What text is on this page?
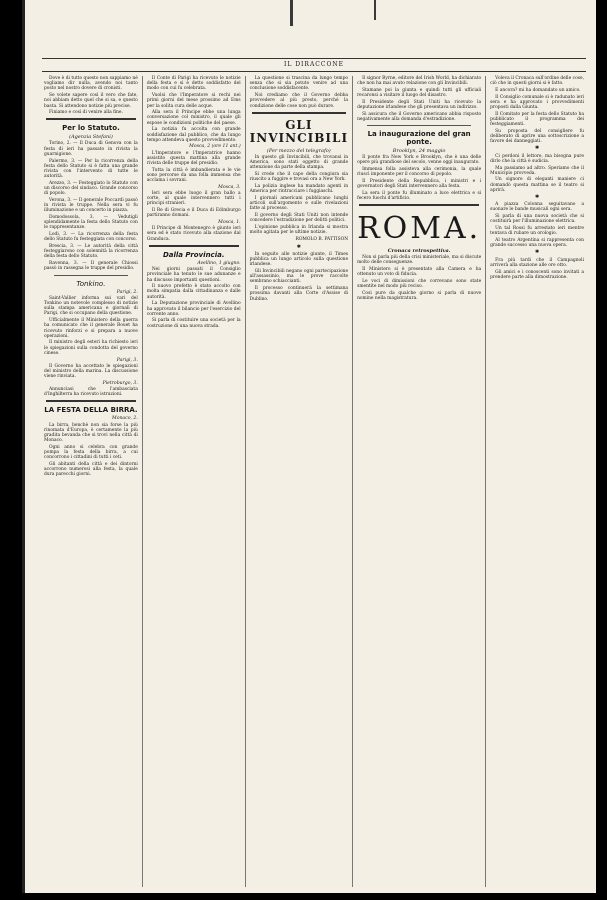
IL DIRACCONE

Dove è di tutto questo non sappiamo né vogliamo dir nulla, avendo noi tanto posto nel nostro dovere di cronisti.

Se volete sapere così il vero che fate, noi abbiam detto quel che si sa, e questo basta. Si attendono notizie più precise.

Finiamo e così di venire alla fine.

Per lo Statuto.
(Agenzia Stefani)

Torino, 2. — Il Duca di Genova con la festa di ieri ha passato in rivista la guarnigione.

Palermo, 3. — Per la ricorrenza della festa dello Statuto si è fatta una grande rivista con l'intervento di tutte le autorità.

Arezzo, 3. — Festeggiato lo Statuto con un discorso del sindaco. Grande concorso di popolo.

Verona, 3. — Il generale Poccardi passò in rivista le truppe. Nella sera vi fu illuminazione e un concerto in piazza.

Domodossola, 3. — Vedutigli splendidamente la festa dello Statuto con le rappresentanze.

Lodi, 3. — La ricorrenza della festa dello Statuto fu festeggiata con concorso.

Brescia, 3. — Le autorità della città festeggiarono con solennità la ricorrenza della festa dello Statuto.

Ravenna, 3. — Il generale Chiossi passò in rassegna le truppe del presidio.

Tonkino.
Parigi, 2.

Saint-Vallier informa sui vari del Tonkino un notevole complesso di notizie sulla stampa americana e giornali di Parigi, che si occupano della questione.

Ufficialmente il Ministero della guerra ha comunicato che il generale Bouet ha ricevuto rinforzi e si prepara a nuove operazioni.

Il ministro degli esteri ha richiesto ieri le spiegazioni sulla condotta del governo cinese.

Parigi, 3.

Il Governo ha accettato le spiegazioni del ministro della marina. La discussione viene rinviata.

Pietroburgo, 3.

Annunciasi che l'ambasciata d'Inghilterra ha ricevuto istruzioni.

LA FESTA DELLA BIRRA.
Monaco, 2.

La birra, benchè non sia forse la più rinomata d'Europa, è certamente la più gradita bevanda che si trovi nella città di Monaco.

Ogni anno si celebra con grande pompa la festa della birra, a cui concorrono i cittadini di tutti i ceti.

Gli abitanti della città e dei dintorni accorrono numerosi alla festa, la quale dura parecchi giorni.

Il Conte di Parigi ha ricevuto le notizie della festa e si è detto soddisfatto del modo con cui fu celebrata.

Vuolsi che l'Imperatore si rechi nei primi giorni del mese prossimo ad Ems per la solita cura delle acque.

Alla sera il Principe ebbe una lunga conversazione col ministro, il quale gli espose le condizioni politiche del paese.

La notizia fu accolta con grande soddisfazione dal pubblico, che da lungo tempo attendeva questo provvedimento.

Mosca, 2 (ore 11 ant.)

L'Imperatore e l'Imperatrice hanno assistito questa mattina alla grande rivista delle truppe del presidio.

Tutta la città è imbandierata e le vie sono percorse da una folla immensa che acclama i sovrani.

Mosca, 3.

Ieri sera ebbe luogo il gran ballo a corte, al quale intervennero tutti i principi stranieri.

Il Re di Grecia e il Duca di Edimburgo partiranno domani.

Mosca, 1.

Il Principe di Montenegro è giunto ieri sera ed è stato ricevuto alla stazione dal Granduca.

Dalla Provincia.
Avellino, 1 giugno.

Nei giorni passati il Consiglio provinciale ha tenuto le sue adunanze e ha discusso importanti questioni.

Il nuovo prefetto è stato accolto con molta simpatia dalla cittadinanza e dalle autorità.

La Deputazione provinciale di Avellino ha approvato il bilancio per l'esercizio del corrente anno.

Si parla di costituire una società per la costruzione di una nuova strada.

La questione si trascina da lungo tempo senza che si sia potuto venire ad una conclusione soddisfacente.

Noi crediamo che il Governo debba provvedere al più presto, perché la condizione delle cose non può durare.

GLI INVINCIBILI
(Per mezzo del telegrafo)

In questo gli Invincibili, che trovansi in America, sono stati oggetto di grande attenzione da parte della stampa.

Si crede che il capo della congiura sia riuscito a fuggire e trovasi ora a New York.

La polizia inglese ha mandato agenti in America per rintracciare i fuggiaschi.

I giornali americani pubblicano lunghi articoli sull'argomento e sulle rivelazioni fatte al processo.

Il governo degli Stati Uniti non intende concedere l'estradizione per delitti politici.

L'opinione pubblica in Irlanda si mostra molto agitata per le ultime notizie.

ROMOLO B. PATTISON
✱

In seguito alle notizie giunte, il Times pubblica un lungo articolo sulla questione irlandese.

Gli Invincibili negano ogni partecipazione all'assassinio, ma le prove raccolte sembrano schiaccianti.

Il processo continuerà la settimana prossima davanti alla Corte d'Assise di Dublino.

Il signor Byrne, editore del Irish World, ha dichiarato che non ha mai avuto relazione con gli Invincibili.

Stamane poi la giunta e quindi tutti gli ufficiali recaronsi a visitare il luogo del disastro.

Il Presidente degli Stati Uniti ha ricevuto la deputazione irlandese che gli presentava un indirizzo.

Si assicura che il Governo americano abbia risposto negativamente alla domanda d'estradizione.

La inaugurazione del gran ponte.
Brooklyn, 24 maggio

Il ponte fra New York e Brooklyn, che è una delle opere più grandiose del secolo, venne oggi inaugurato.

Immensa folla assisteva alla cerimonia, la quale riuscì imponente per il concorso di popolo.

Il Presidente della Repubblica, i ministri e i governatori degli Stati intervennero alla festa.

La sera il ponte fu illuminato a luce elettrica e si fecero fuochi d'artificio.

ROMA.
Cronaca retrospettiva.

Non si parla più della crisi ministeriale, ma si discute molto delle conseguenze.

Il Ministero si è presentato alla Camera e ha ottenuto un voto di fiducia.

Le voci di dimissioni che correvano sono state smentite nel modo più reciso.

Così pure da qualche giorno si parla di nuove nomine nella magistratura.

Voleva il Cronaca sull'ordine delle cose, ciò che in questi giorni si è fatto.

E ancora? mi ha domandato un amico.

Il Consiglio comunale si è radunato ieri sera e ha approvato i provvedimenti proposti dalla Giunta.

Il Comitato per la festa dello Statuto ha pubblicato il programma dei festeggiamenti.

Su proposta del consigliere fu deliberato di aprire una sottoscrizione a favore dei danneggiati.

✱

Ci perdoni il lettore, ma bisogna pure dirlo che la città è sudicia.

Ma passiamo ad altro. Speriamo che il Municipio provveda.

Un signore di eleganti maniere ci domandò questa mattina se il teatro si aprirà.

✱

A piazza Colonna seguitavano a suonare le bande musicali ogni sera.

Si parla di una nuova società che si costituirà per l'illuminazione elettrica.

Un tal Rossi fu arrestato ieri mentre tentava di rubare un orologio.

Al teatro Argentina si rappresenta con grande successo una nuova opera.

✱

Fra più tardi che il Campagnoli arriverà alla stazione alle ore otto.

Gli amici e i conoscenti sono invitati a prendere parte alla dimostrazione.
